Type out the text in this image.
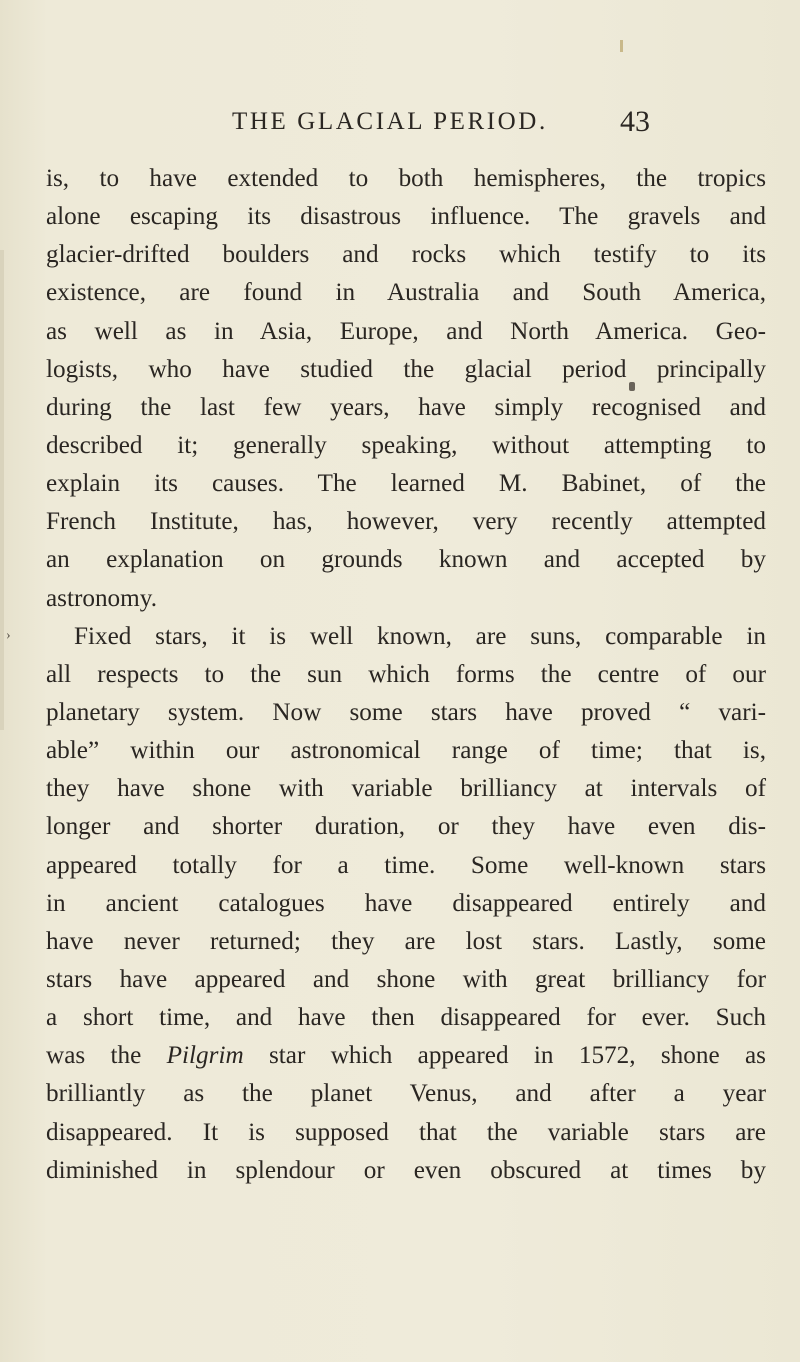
THE GLACIAL PERIOD. 43
›
is, to have extended to both hemispheres, the tropics
alone escaping its disastrous influence. The gravels and
glacier-drifted boulders and rocks which testify to its
existence, are found in Australia and South America,
as well as in Asia, Europe, and North America. Geo-
logists, who have studied the glacial period principally
during the last few years, have simply recognised and
described it; generally speaking, without attempting to
explain its causes. The learned M. Babinet, of the
French Institute, has, however, very recently attempted
an explanation on grounds known and accepted by
astronomy.
Fixed stars, it is well known, are suns, comparable in
all respects to the sun which forms the centre of our
planetary system. Now some stars have proved “ vari-
able” within our astronomical range of time; that is,
they have shone with variable brilliancy at intervals of
longer and shorter duration, or they have even dis-
appeared totally for a time. Some well-known stars
in ancient catalogues have disappeared entirely and
have never returned; they are lost stars. Lastly, some
stars have appeared and shone with great brilliancy for
a short time, and have then disappeared for ever. Such
was the Pilgrim star which appeared in 1572, shone as
brilliantly as the planet Venus, and after a year
disappeared. It is supposed that the variable stars are
diminished in splendour or even obscured at times by
